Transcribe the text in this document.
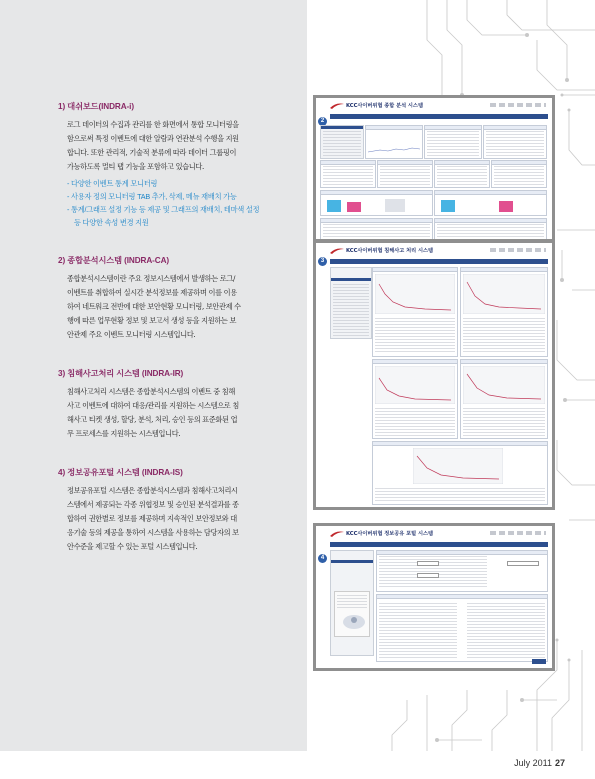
July 2011 27
1) 대쉬보드(INDRA-i)
로그 데이터의 수집과 관리를 한 화면에서 통합 모니터링을
함으로써 특정 이벤트에 대한 알람과 연관분석 수행을 지원
합니다. 또한 관리적, 기술적 분류에 따라 데이터 그룹핑이
가능하도록 멀티 탭 기능을 포함하고 있습니다.
- 다양한 이벤트 통계 모니터링
- 사용자 정의 모니터링 TAB 추가, 삭제, 메뉴 재배치 가능
- 통계/그래프 설정 기능 등 제공 및 그래프의 재배치, 테마색 설정
등 다양한 속성 변경 지원
2) 종합분석시스템 (INDRA-CA)
종합분석시스템이란 주요 정보시스템에서 발생하는 로그/
이벤트를 취합하여 실시간 분석정보를 제공하며 이를 이용
하여 네트워크 전반에 대한 보안현황 모니터링, 보안관제 수
행에 따른 업무현황 정보 및 보고서 생성 등을 지원하는 보
안관제 주요 이벤트 모니터링 시스템입니다.
3) 침해사고처리 시스템 (INDRA-IR)
침해사고처리 시스템은 종합분석시스템의 이벤트 중 침해
사고 이벤트에 대하여 대응/관리를 지원하는 시스템으로 침
해사고 티켓 생성, 할당, 분석, 처리, 승인 등의 표준화된 업
무 프로세스를 지원하는 시스템입니다.
4) 정보공유포털 시스템 (INDRA-IS)
정보공유포털 시스템은 종합분석시스템과 침해사고처리시
스템에서 제공되는 각종 위협정보 및 승인된 분석결과를 종
합하여 권한별로 정보를 제공하며 지속적인 보안정보와 대
응기술 등의 제공을 통하여 시스템을 사용하는 담당자의 보
안수준을 제고할 수 있는 포털 시스템입니다.
KCC사이버위협 종합 분석 시스템
2
KCC사이버위협 침해사고 처리 시스템
3
KCC사이버위협 정보공유 포털 시스템
4
